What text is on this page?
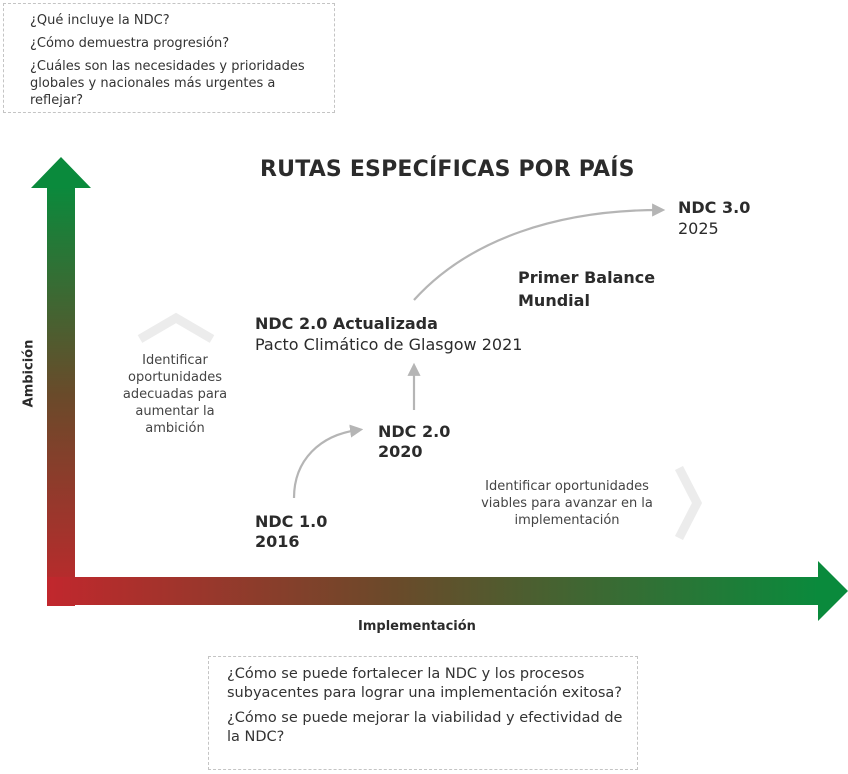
¿Qué incluye la NDC?

¿Cómo demuestra progresión?

¿Cuáles son las necesidades y prioridades globales y nacionales más urgentes a reflejar?

RUTAS ESPECÍFICAS POR PAÍS
Ambición
Implementación
NDC 1.0
2016
NDC 2.0
2020
NDC 2.0 Actualizada
Pacto Climático de Glasgow 2021
Primer Balance Mundial
NDC 3.0
2025
Identificar oportunidades adecuadas para aumentar la ambición
Identificar oportunidades viables para avanzar en la implementación

¿Cómo se puede fortalecer la NDC y los procesos subyacentes para lograr una implementación exitosa?

¿Cómo se puede mejorar la viabilidad y efectividad de la NDC?
